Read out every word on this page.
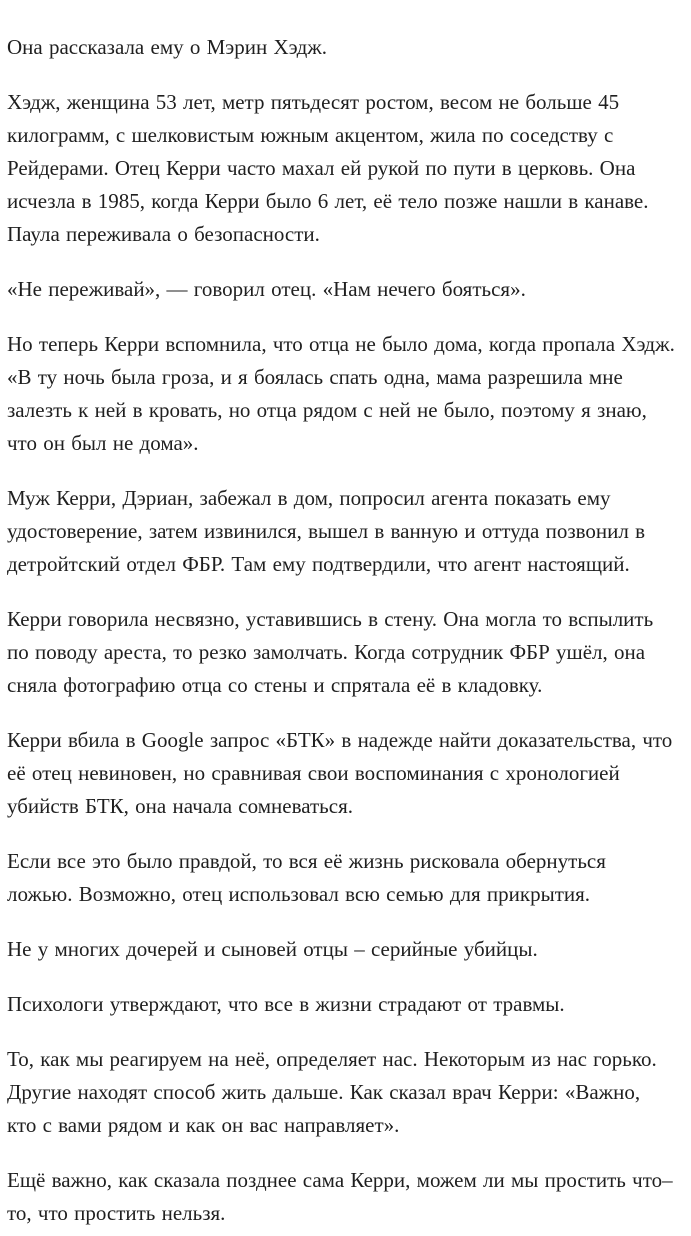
Она рассказала ему о Мэрин Хэдж.

Хэдж, женщина 53 лет, метр пятьдесят ростом, весом не больше 45 килограмм, с шелковистым южным акцентом, жила по соседству с Рейдерами. Отец Керри часто махал ей рукой по пути в церковь. Она исчезла в 1985, когда Керри было 6 лет, её тело позже нашли в канаве. Паула переживала о безопасности.

«Не переживай», — говорил отец. «Нам нечего бояться».

Но теперь Керри вспомнила, что отца не было дома, когда пропала Хэдж. «В ту ночь была гроза, и я боялась спать одна, мама разрешила мне залезть к ней в кровать, но отца рядом с ней не было, поэтому я знаю, что он был не дома».

Муж Керри, Дэриан, забежал в дом, попросил агента показать ему удостоверение, затем извинился, вышел в ванную и оттуда позвонил в детройтский отдел ФБР. Там ему подтвердили, что агент настоящий.

Керри говорила несвязно, уставившись в стену. Она могла то вспылить по поводу ареста, то резко замолчать. Когда сотрудник ФБР ушёл, она сняла фотографию отца со стены и спрятала её в кладовку.

Керри вбила в Google запрос «БТК» в надежде найти доказательства, что её отец невиновен, но сравнивая свои воспоминания с хронологией убийств БТК, она начала сомневаться.

Если все это было правдой, то вся её жизнь рисковала обернуться ложью. Возможно, отец использовал всю семью для прикрытия.

Не у многих дочерей и сыновей отцы – серийные убийцы.

Психологи утверждают, что все в жизни страдают от травмы.

То, как мы реагируем на неё, определяет нас. Некоторым из нас горько. Другие находят способ жить дальше. Как сказал врач Керри: «Важно, кто с вами рядом и как он вас направляет».

Ещё важно, как сказала позднее сама Керри, можем ли мы простить что–то, что простить нельзя.
